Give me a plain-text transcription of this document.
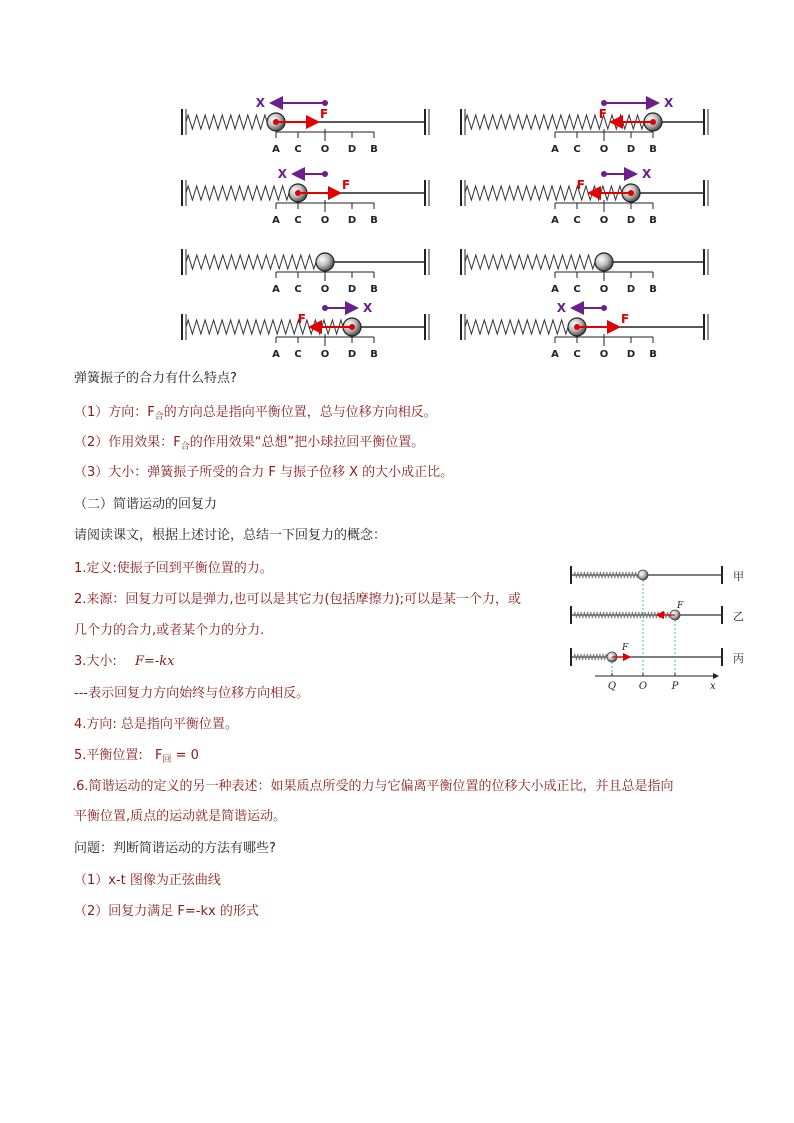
A C O D B
F
X
A C O D B
F
X
A C O D B
F
X
A C O D B
F
X
A C O D B	A C O D B
A C O D B
F
X
A C O D B
F
X
甲
F
乙
F
丙
Q O P	x
弹簧振子的合力有什么特点?
（1）方向：$F_合$的方向总是指向平衡位置，总与位移方向相反。
（2）作用效果：$F_合$的作用效果“总想”把小球拉回平衡位置。
（3）大小：弹簧振子所受的合力 F 与振子位移 X 的大小成正比。
（二）简谐运动的回复力
请阅读课文，根据上述讨论，总结一下回复力的概念：
1.定义:使振子回到平衡位置的力。
2.来源：回复力可以是弹力,也可以是其它力(包括摩擦力);可以是某一个力，或
几个力的合力,或者某个力的分力.
3.大小: F=-kx
---表示回复力方向始终与位移方向相反。
4.方向: 总是指向平衡位置。
5.平衡位置: $F_回 = 0$
.6.简谐运动的定义的另一种表述：如果质点所受的力与它偏离平衡位置的位移大小成正比，并且总是指向
平衡位置,质点的运动就是简谐运动。
问题：判断简谐运动的方法有哪些?
（1）x-t 图像为正弦曲线
（2）回复力满足 F=-kx 的形式
